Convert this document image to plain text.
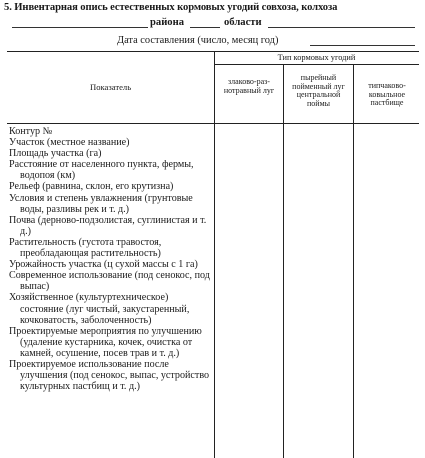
5. Инвентарная опись естественных кормовых угодий совхоза, колхоза
района	области
Дата составления (число, месяц год)
Показатель
Тип кормовых угодий
злаково-разнотравный луг
пырейный пойменный луг центральной поймы
типчаково-ковыльное пастбище

Контур №

Участок (местное название)

Площадь участка (га)

Расстояние от населенного пункта, фермы, водопоя (км)

Рельеф (равнина, склон, его крутизна)

Условия и степень увлажнения (грунтовые воды, разливы рек и т. д.)

Почва (дерново-подзолистая, суглинистая и т. д.)

Растительность (густота травостоя, преобладающая растительность)

Урожайность участка (ц сухой массы с 1 га)

Современное использование (под сенокос, под выпас)

Хозяйственное (культуртехническое) состояние (луг чистый, закустаренный, кочковатость, заболоченность)

Проектируемые мероприятия по улучшению (удаление кустарника, кочек, очистка от камней, осушение, посев трав и т. д.)

Проектируемое использование после улучшения (под сенокос, выпас, устройство культурных пастбищ и т. д.)
